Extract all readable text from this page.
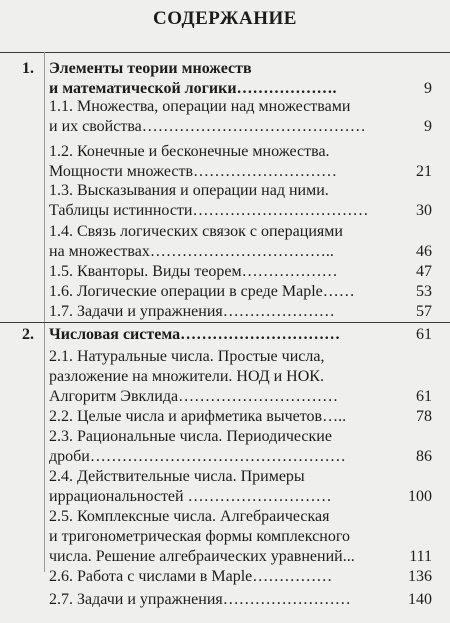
СОДЕРЖАНИЕ
1. Элементы теории множеств
и математической логики……………….	9
1.1. Множества, операции над множествами
и их свойства……………………………………	9
1.2. Конечные и бесконечные множества.
Мощности множеств………………………	21
1.3. Высказывания и операции над ними.
Таблицы истинности……………………………	30
1.4. Связь логических связок с операциями
на множествах……………………………..	46
1.5. Кванторы. Виды теорем………………	47
1.6. Логические операции в среде Maple……	53
1.7. Задачи и упражнения…………………	57
2. Числовая система…………………………	61
2.1. Натуральные числа. Простые числа,
разложение на множители. НОД и НОК.
Алгоритм Эвклида…………………………	61
2.2. Целые числа и арифметика вычетов…..	78
2.3. Рациональные числа. Периодические
дроби…………………………………………	86
2.4. Действительные числа. Примеры
иррациональностей ………………………	100
2.5. Комплексные числа. Алгебраическая
и тригонометрическая формы комплексного
числа. Решение алгебраических уравнений...	111
2.6. Работа с числами в Maple……………	136
2.7. Задачи и упражнения……………………	140
